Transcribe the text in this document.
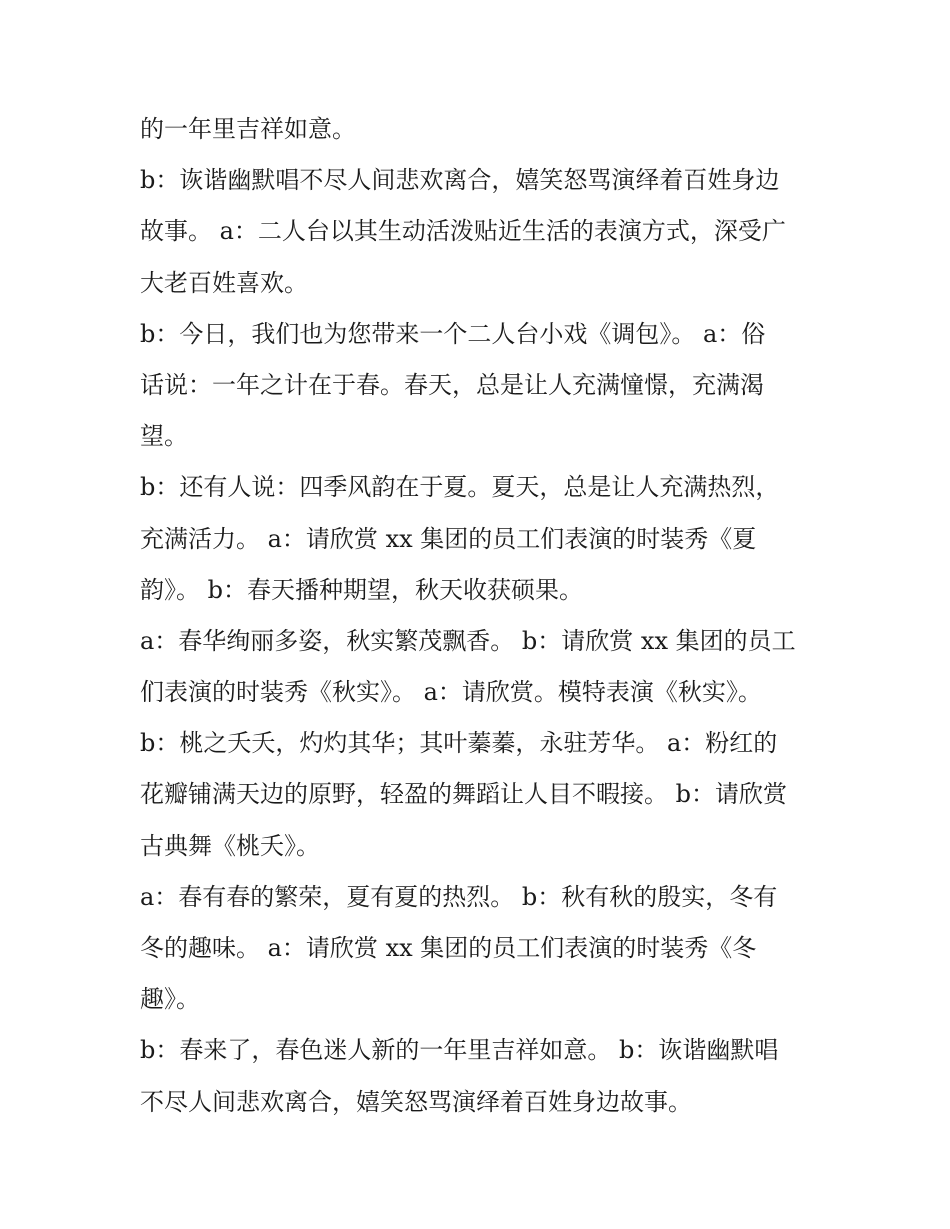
的一年里吉祥如意。
b：诙谐幽默唱不尽人间悲欢离合，嬉笑怒骂演绎着百姓身边
故事。 a：二人台以其生动活泼贴近生活的表演方式，深受广
大老百姓喜欢。
b：今日，我们也为您带来一个二人台小戏《调包》。 a：俗
话说：一年之计在于春。春天，总是让人充满憧憬，充满渴
望。
b：还有人说：四季风韵在于夏。夏天，总是让人充满热烈，
充满活力。 a：请欣赏 xx 集团的员工们表演的时装秀《夏
韵》。 b：春天播种期望，秋天收获硕果。
a：春华绚丽多姿，秋实繁茂飘香。 b：请欣赏 xx 集团的员工
们表演的时装秀《秋实》。 a：请欣赏。模特表演《秋实》。
b：桃之夭夭，灼灼其华；其叶蓁蓁，永驻芳华。 a：粉红的
花瓣铺满天边的原野，轻盈的舞蹈让人目不暇接。 b：请欣赏
古典舞《桃夭》。
a：春有春的繁荣，夏有夏的热烈。 b：秋有秋的殷实，冬有
冬的趣味。 a：请欣赏 xx 集团的员工们表演的时装秀《冬
趣》。
b：春来了，春色迷人新的一年里吉祥如意。 b：诙谐幽默唱
不尽人间悲欢离合，嬉笑怒骂演绎着百姓身边故事。
